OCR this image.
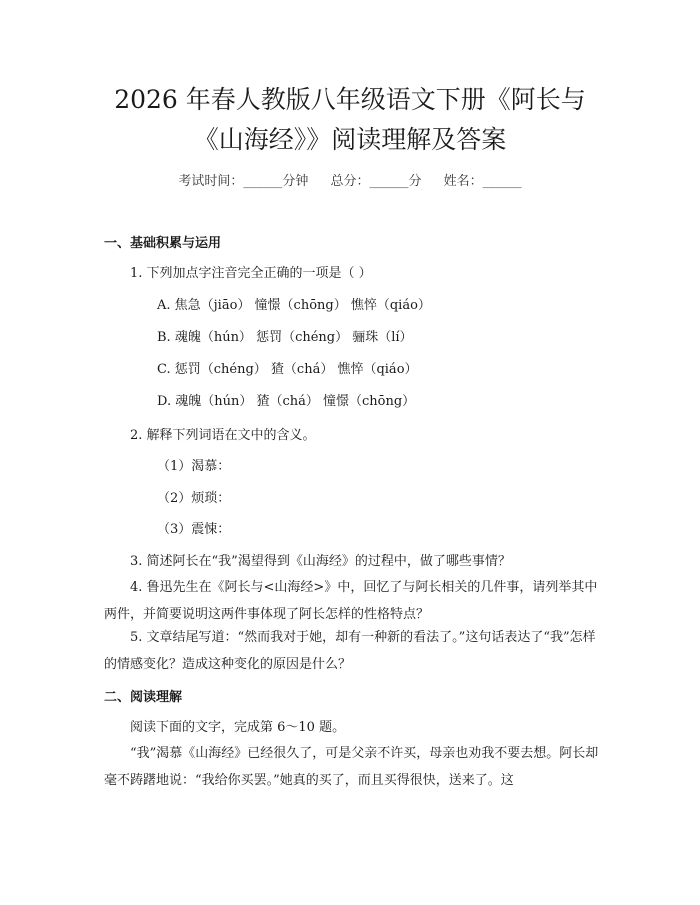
2026 年春人教版八年级语文下册《阿长与
《山海经》》阅读理解及答案
考试时间：______分钟 总分：______分 姓名：______
一、基础积累与运用
1. 下列加点字注音完全正确的一项是（ ）
A. 焦急（jiāo） 憧憬（chōng） 憔悴（qiáo）
B. 魂魄（hún） 惩罚（chéng） 骊珠（lí）
C. 惩罚（chéng） 猹（chá） 憔悴（qiáo）
D. 魂魄（hún） 猹（chá） 憧憬（chōng）
2. 解释下列词语在文中的含义。
（1）渴慕：
（2）烦琐：
（3）震悚：
3. 简述阿长在“我”渴望得到《山海经》的过程中，做了哪些事情？
4. 鲁迅先生在《阿长与<山海经>》中，回忆了与阿长相关的几件事，请列举其中两件，并简要说明这两件事体现了阿长怎样的性格特点？
5. 文章结尾写道：“然而我对于她，却有一种新的看法了。”这句话表达了“我”怎样的情感变化？造成这种变化的原因是什么？
二、阅读理解
阅读下面的文字，完成第 6～10 题。
“我”渴慕《山海经》已经很久了，可是父亲不许买，母亲也劝我不要去想。阿长却毫不踌躇地说：“我给你买罢。”她真的买了，而且买得很快，送来了。这
